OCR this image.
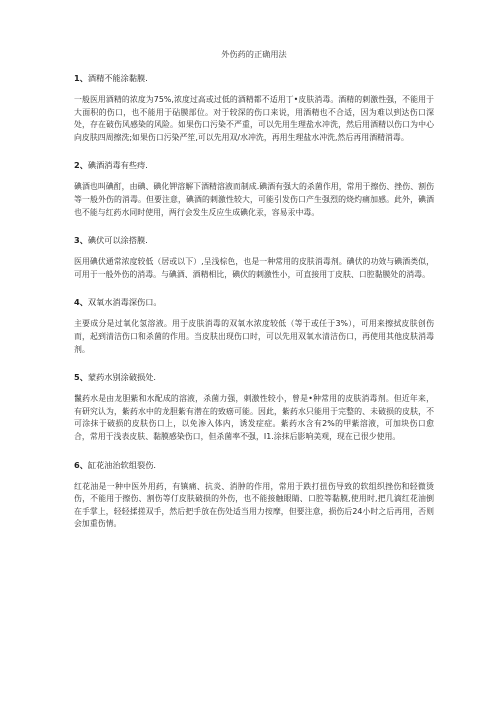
外伤药的正确用法
1、酒精不能涂黏膜.
一般医用酒精的浓度为75%,浓度过高或过低的酒精都不适用丁•皮肤消毒。酒精的刺激性强，不能用于大面积的伤口，也不能用于砧膜部位。对于较深的伤口来说，用酒精也不合适，因为难以到达伤口深处，存在破伤风感染的风险。如果伤口污染不严重，可以先用生理盐水冲洗，然后用酒精以伤口为中心向皮肤四周擦洗;如果伤口污染严笙,可以先用双/水冲洗，再用生理盐水冲洗,然后再用酒精消毒。
2、碘酒消毒有些痔.
碘酒也叫碘酊，由碘、碘化钾溶解下酒精溶液而制成.碘酒有强大的杀菌作用，常用于擦伤、挫伤、割伤等一般外伤的消毒。但要注意，碘酒的刺激性较大，可能引发伤口产生强烈的烧灼痛加感。此外，碘酒也不能与红药水同时使用，两行会发生反应生成碘化汞，容易汞中毒。
3、碘伏可以涂搭膜.
医用碘伏通常浓度较低（居或以下）,呈浅棕色，也是一种常用的皮肤消毒剂。碘伏的功效与碘酒类似，可用于一般外伤的消毒。与碘酒、酒精相比，碘伏的刺激性小，可直接用丁皮肤、口腔黏膜处的消毒。
4、双氧水消毒深伤口。
主要成分是过氧化氢溶液。用于皮肤消毒的双氧水浓度较低（等于或任于3%），可用来擦拭皮肤创伤而，起到清洁伤口和杀菌的作用。当皮肤出现伤口时，可以先用双氧水清洁伤口，再使用其他皮肤消毒剂。
5、蒙药水别涂破损处.
鬣药水是由龙胆紫和水配成的溶液，杀菌力强，刺激性较小，曾是•种常用的皮肤消毒剂。但近年来，有研究认为，紫药水中的龙胆紫有潜在的致癌可能。因此，紫药水只能用于完整的、未破损的皮肤，不可涂抹于破损的皮肤伤口上，以免渗入体内，诱发症症。紫药水含有2%的甲紫溶液，可加块伤口愈合，常用于浅表皮肤、黏膜感染伤口，但杀菌率不强，I1.涂抹后影响美观，现在已很少使用。
6、缸花油治软组裂伤.
红花油是一种中医外用药，有镇痛、抗炎、消肿的作用，常用于跌打扭伤导致的软组织挫伤和轻微烫伤，不能用于擦伤、割伤等仃皮肤破损的外伤，也不能接触眼睛、口腔等黏膜,使用时,把几滴红花油倒在手掌上，轻轻揉搓双手，然后把手放在伤处适当用力按摩，但要注意，损伤后24小时之后再用，否则会加重伤情。
